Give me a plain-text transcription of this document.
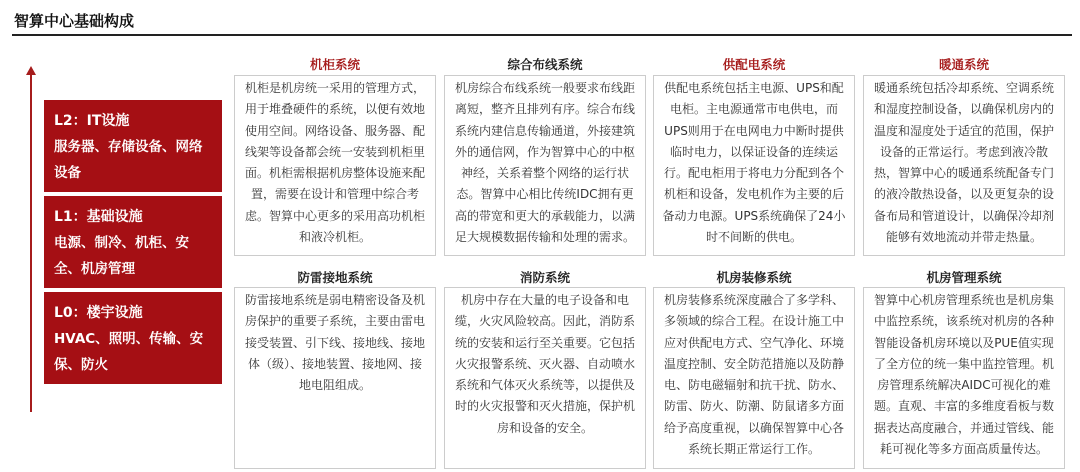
智算中心基础构成
L2：IT设施
服务器、存储设备、网络设备
L1：基础设施
电源、制冷、机柜、安全、机房管理
L0：楼宇设施
HVAC、照明、传输、安保、防火
机柜系统
机柜是机房统一采用的管理方式，用于堆叠硬件的系统，以便有效地使用空间。网络设备、服务器、配线架等设备都会统一安装到机柜里面。机柜需根据机房整体设施来配置，需要在设计和管理中综合考虑。智算中心更多的采用高功机柜和液冷机柜。
综合布线系统
机房综合布线系统一般要求布线距离短，整齐且排列有序。综合布线系统内建信息传输通道，外接建筑外的通信网，作为智算中心的中枢神经，关系着整个网络的运行状态。智算中心相比传统IDC拥有更高的带宽和更大的承载能力，以满足大规模数据传输和处理的需求。
供配电系统
供配电系统包括主电源、UPS和配电柜。主电源通常市电供电，而UPS则用于在电网电力中断时提供临时电力，以保证设备的连续运行。配电柜用于将电力分配到各个机柜和设备，发电机作为主要的后备动力电源。UPS系统确保了24小时不间断的供电。
暖通系统
暖通系统包括冷却系统、空调系统和湿度控制设备，以确保机房内的温度和湿度处于适宜的范围，保护设备的正常运行。考虑到液冷散热，智算中心的暖通系统配备专门的液冷散热设备，以及更复杂的设备布局和管道设计，以确保冷却剂能够有效地流动并带走热量。
防雷接地系统
防雷接地系统是弱电精密设备及机房保护的重要子系统，主要由雷电接受装置、引下线、接地线、接地体（级）、接地装置、接地网、接地电阻组成。
消防系统
机房中存在大量的电子设备和电缆，火灾风险较高。因此，消防系统的安装和运行至关重要。它包括火灾报警系统、灭火器、自动喷水系统和气体灭火系统等，以提供及时的火灾报警和灭火措施，保护机房和设备的安全。
机房装修系统
机房装修系统深度融合了多学科、多领域的综合工程。在设计施工中应对供配电方式、空气净化、环境温度控制、安全防范措施以及防静电、防电磁辐射和抗干扰、防水、防雷、防火、防潮、防鼠诸多方面给予高度重视，以确保智算中心各系统长期正常运行工作。
机房管理系统
智算中心机房管理系统也是机房集中监控系统，该系统对机房的各种智能设备机房环境以及PUE值实现了全方位的统一集中监控管理。机房管理系统解决AIDC可视化的难题。直观、丰富的多维度看板与数据表达高度融合，并通过管线、能耗可视化等多方面高质量传达。
